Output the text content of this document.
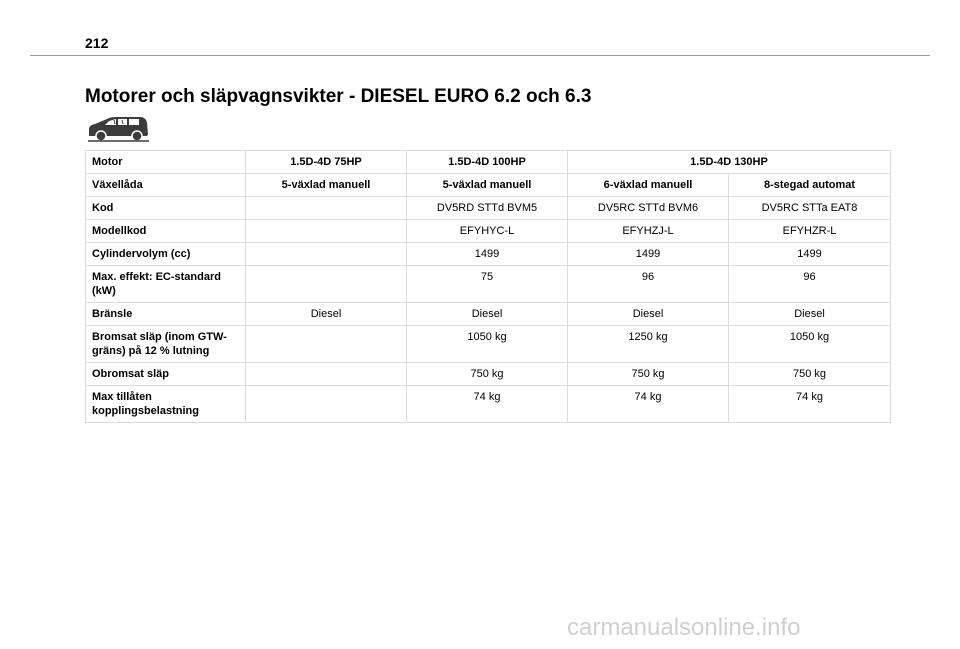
212
Motorer och släpvagnsvikter - DIESEL EURO 6.2 och 6.3
Motor	1.5D-4D 75HP	1.5D-4D 100HP	1.5D-4D 130HP	
Växellåda	5-växlad manuell	5-växlad manuell	6-växlad manuell	8-stegad automat
Kod		DV5RD STTd BVM5	DV5RC STTd BVM6	DV5RC STTa EAT8
Modellkod		EFYHYC-L	EFYHZJ-L	EFYHZR-L
Cylindervolym (cc)		1499	1499	1499
Max. effekt: EC-standard (kW)		75	96	96
Bränsle	Diesel	Diesel	Diesel	Diesel
Bromsat släp (inom GTW-gräns) på 12 % lutning		1050 kg	1250 kg	1050 kg
Obromsat släp		750 kg	750 kg	750 kg
Max tillåten kopplingsbelastning		74 kg	74 kg	74 kg
carmanualsonline.info
